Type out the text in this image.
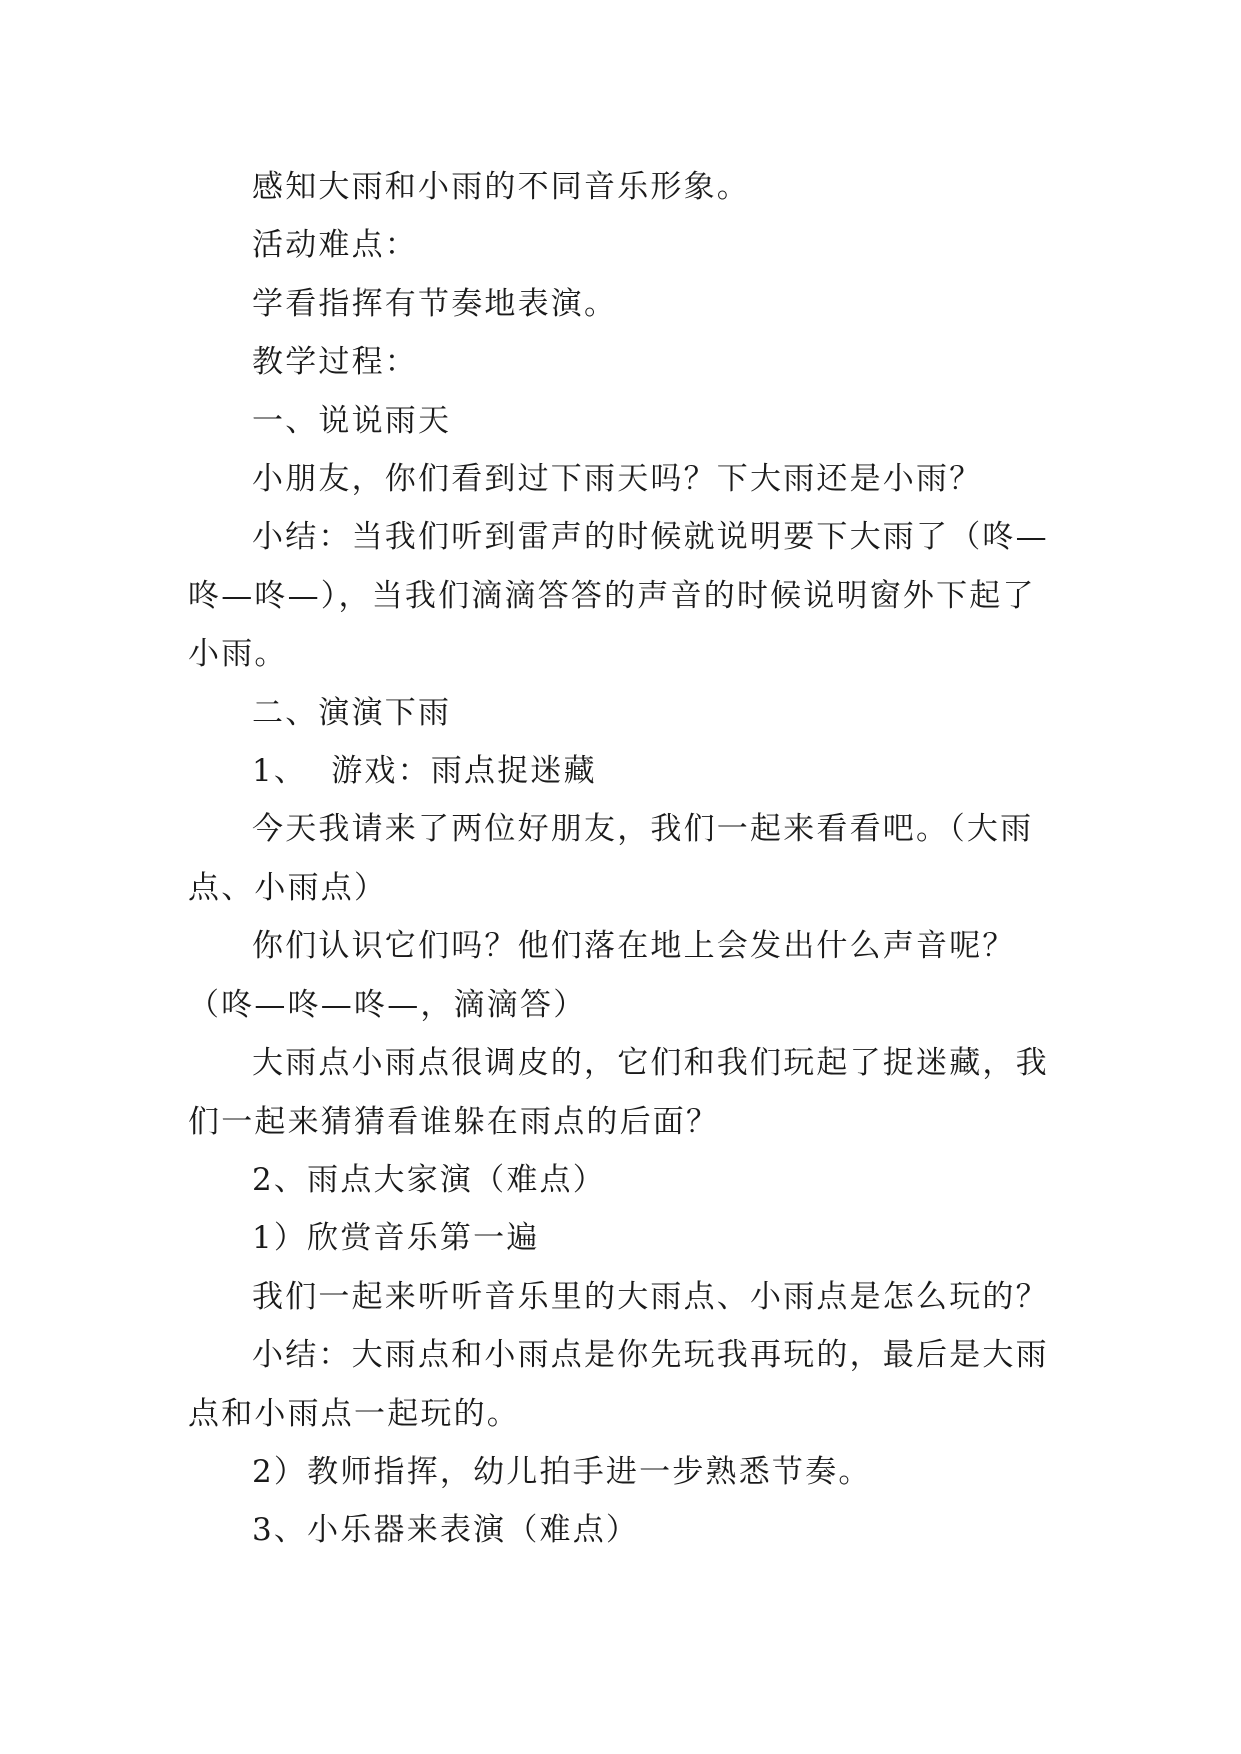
感知大雨和小雨的不同音乐形象。

活动难点：

学看指挥有节奏地表演。

教学过程：

一、说说雨天

小朋友，你们看到过下雨天吗？下大雨还是小雨？

小结：当我们听到雷声的时候就说明要下大雨了（咚—咚—咚—），当我们滴滴答答的声音的时候说明窗外下起了小雨。

二、演演下雨

1、  游戏：雨点捉迷藏

今天我请来了两位好朋友，我们一起来看看吧。（大雨点、小雨点）

你们认识它们吗？他们落在地上会发出什么声音呢？（咚—咚—咚—，滴滴答）

大雨点小雨点很调皮的，它们和我们玩起了捉迷藏，我们一起来猜猜看谁躲在雨点的后面？

2、雨点大家演（难点）

1）欣赏音乐第一遍

我们一起来听听音乐里的大雨点、小雨点是怎么玩的？

小结：大雨点和小雨点是你先玩我再玩的，最后是大雨点和小雨点一起玩的。

2）教师指挥，幼儿拍手进一步熟悉节奏。

3、小乐器来表演（难点）
